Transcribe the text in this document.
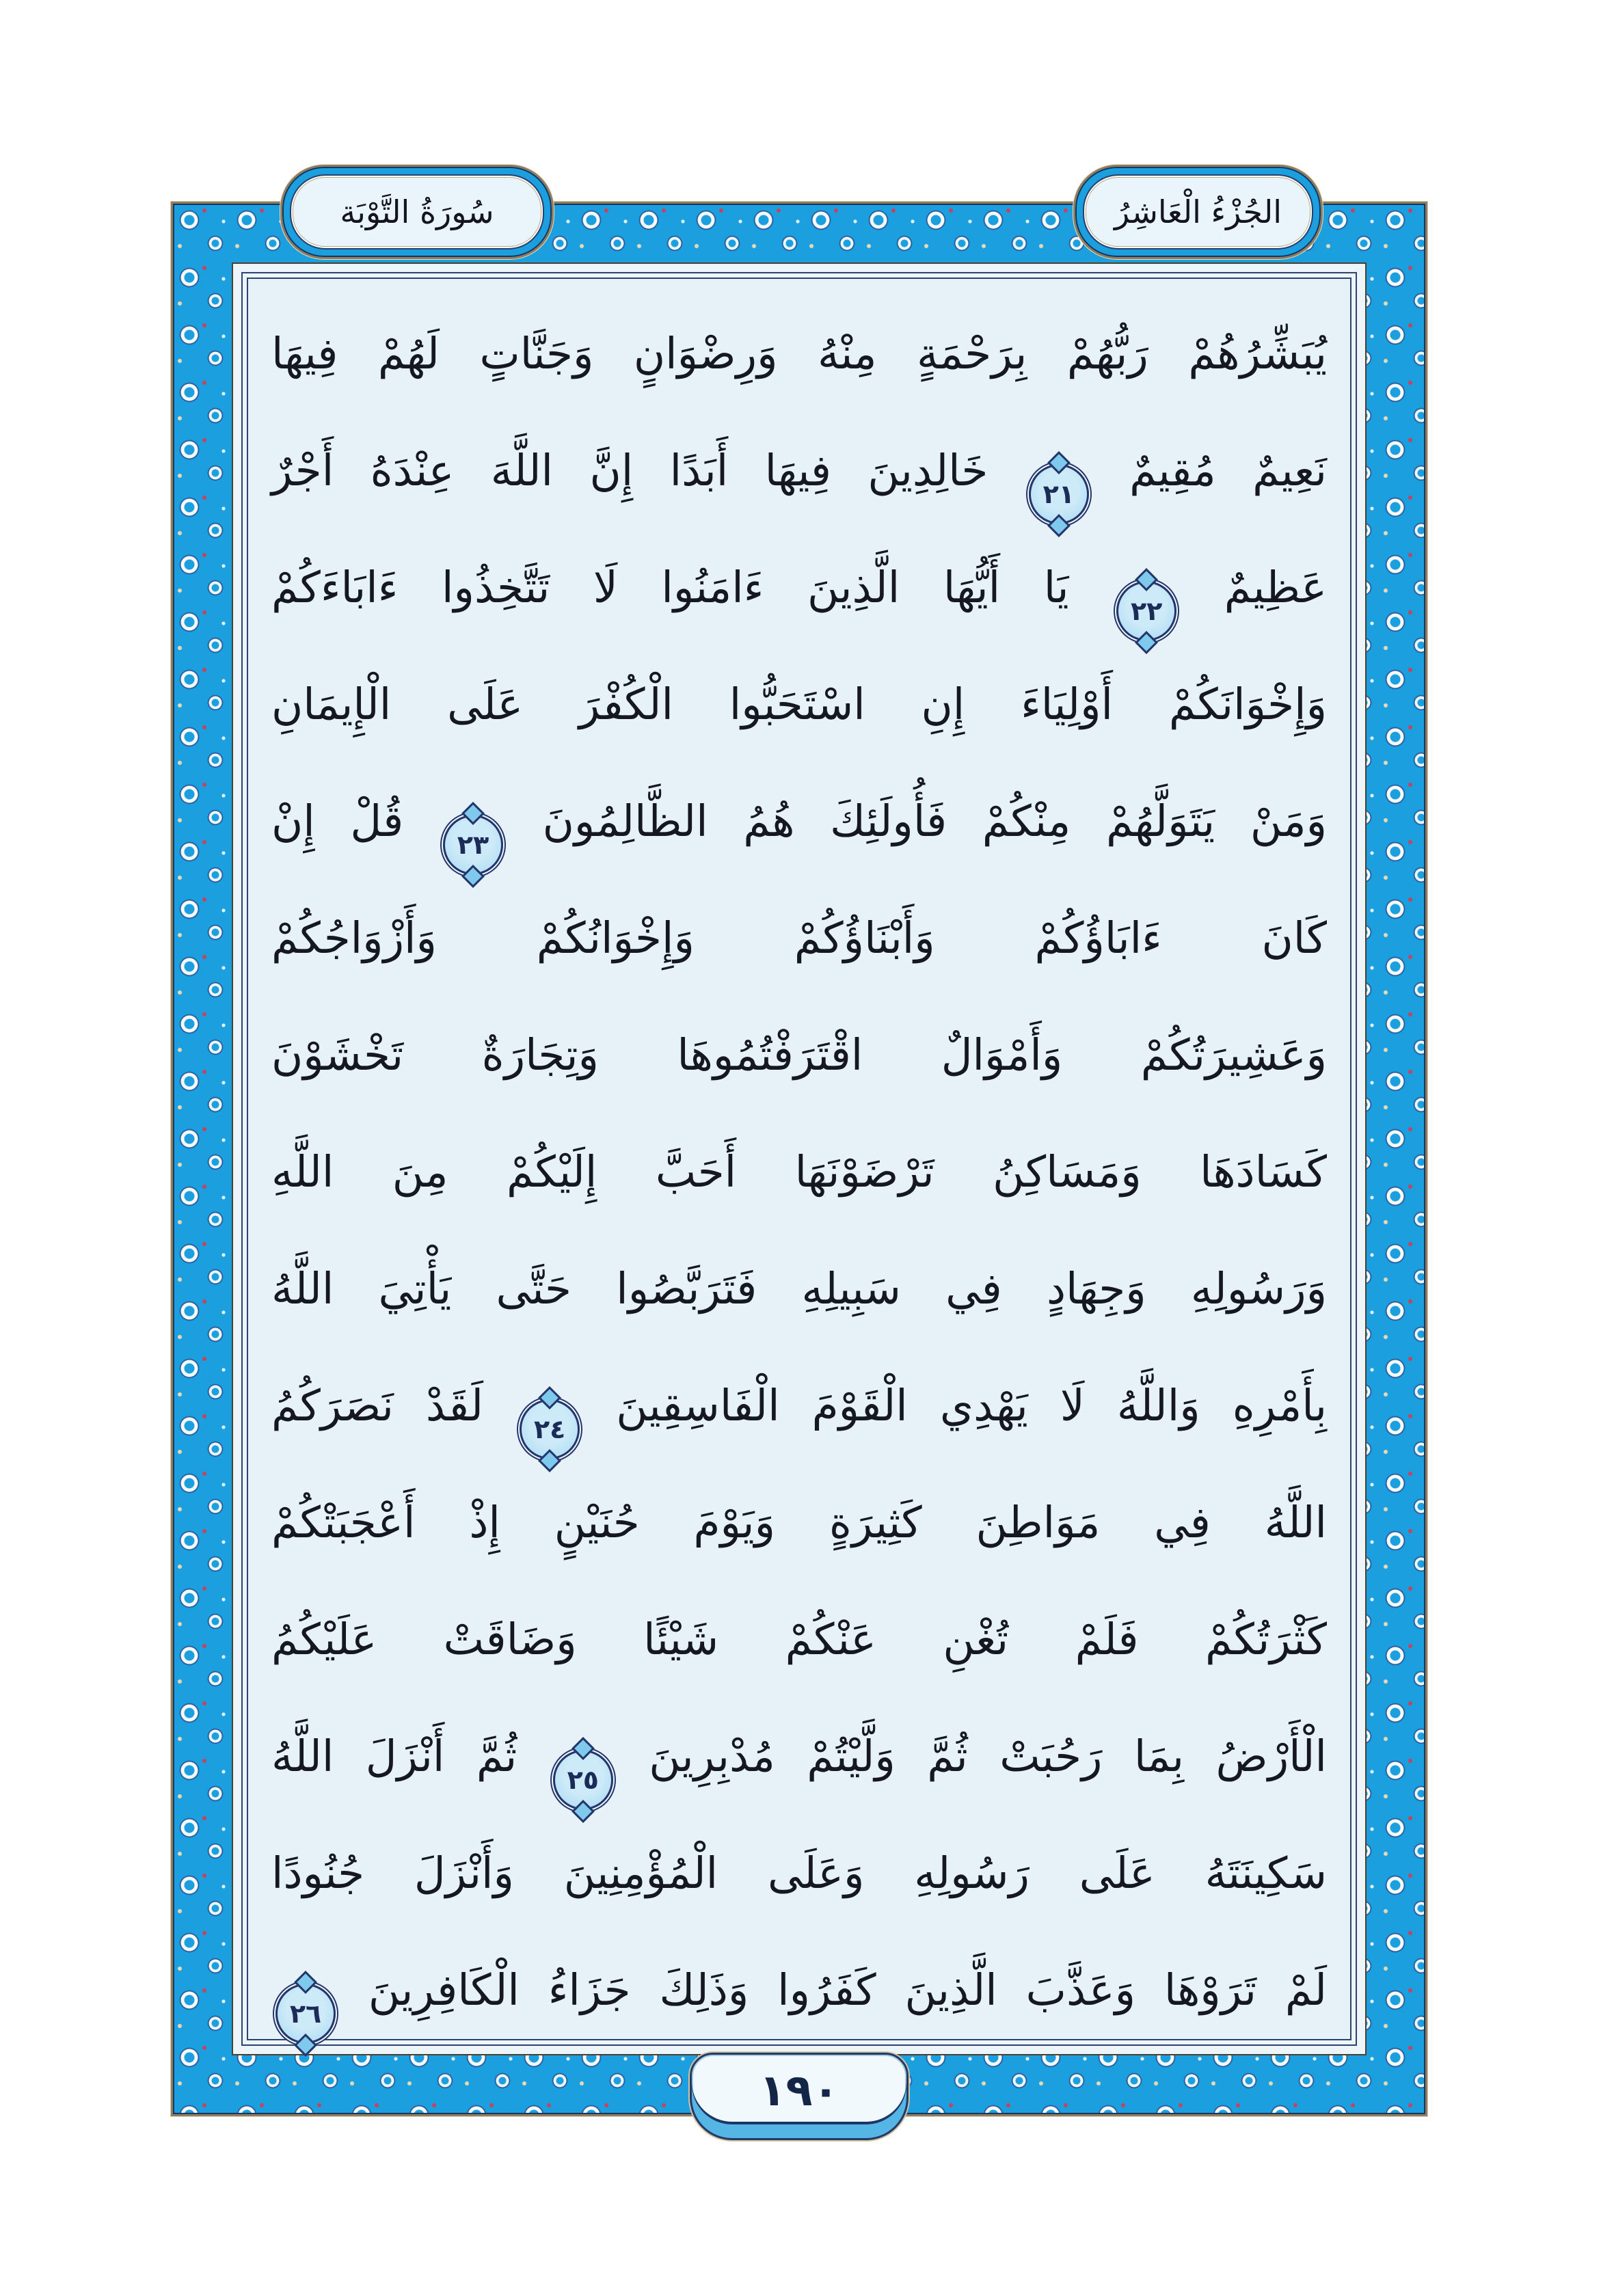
سُورَةُ التَّوْبَة	الجُزْءُ الْعَاشِرُ
يُبَشِّرُهُمْ رَبُّهُمْ بِرَحْمَةٍ مِنْهُ وَرِضْوَانٍ وَجَنَّاتٍ لَهُمْ فِيهَا
نَعِيمٌ مُقِيمٌ
٢١
خَالِدِينَ فِيهَا أَبَدًا إِنَّ اللَّهَ عِنْدَهُ أَجْرٌ
عَظِيمٌ
٢٢
يَا أَيُّهَا الَّذِينَ ءَامَنُوا لَا تَتَّخِذُوا ءَابَاءَكُمْ
وَإِخْوَانَكُمْ أَوْلِيَاءَ إِنِ اسْتَحَبُّوا الْكُفْرَ عَلَى الْإِيمَانِ
وَمَنْ يَتَوَلَّهُمْ مِنْكُمْ فَأُولَئِكَ هُمُ الظَّالِمُونَ
٢٣
قُلْ إِنْ
كَانَ ءَابَاؤُكُمْ وَأَبْنَاؤُكُمْ وَإِخْوَانُكُمْ وَأَزْوَاجُكُمْ
وَعَشِيرَتُكُمْ وَأَمْوَالٌ اقْتَرَفْتُمُوهَا وَتِجَارَةٌ تَخْشَوْنَ
كَسَادَهَا وَمَسَاكِنُ تَرْضَوْنَهَا أَحَبَّ إِلَيْكُمْ مِنَ اللَّهِ
وَرَسُولِهِ وَجِهَادٍ فِي سَبِيلِهِ فَتَرَبَّصُوا حَتَّى يَأْتِيَ اللَّهُ
بِأَمْرِهِ وَاللَّهُ لَا يَهْدِي الْقَوْمَ الْفَاسِقِينَ
٢٤
لَقَدْ نَصَرَكُمُ
اللَّهُ فِي مَوَاطِنَ كَثِيرَةٍ وَيَوْمَ حُنَيْنٍ إِذْ أَعْجَبَتْكُمْ
كَثْرَتُكُمْ فَلَمْ تُغْنِ عَنْكُمْ شَيْئًا وَضَاقَتْ عَلَيْكُمُ
الْأَرْضُ بِمَا رَحُبَتْ ثُمَّ وَلَّيْتُمْ مُدْبِرِينَ
٢٥
ثُمَّ أَنْزَلَ اللَّهُ
سَكِينَتَهُ عَلَى رَسُولِهِ وَعَلَى الْمُؤْمِنِينَ وَأَنْزَلَ جُنُودًا
لَمْ تَرَوْهَا وَعَذَّبَ الَّذِينَ كَفَرُوا وَذَلِكَ جَزَاءُ الْكَافِرِينَ
٢٦
١٩٠
